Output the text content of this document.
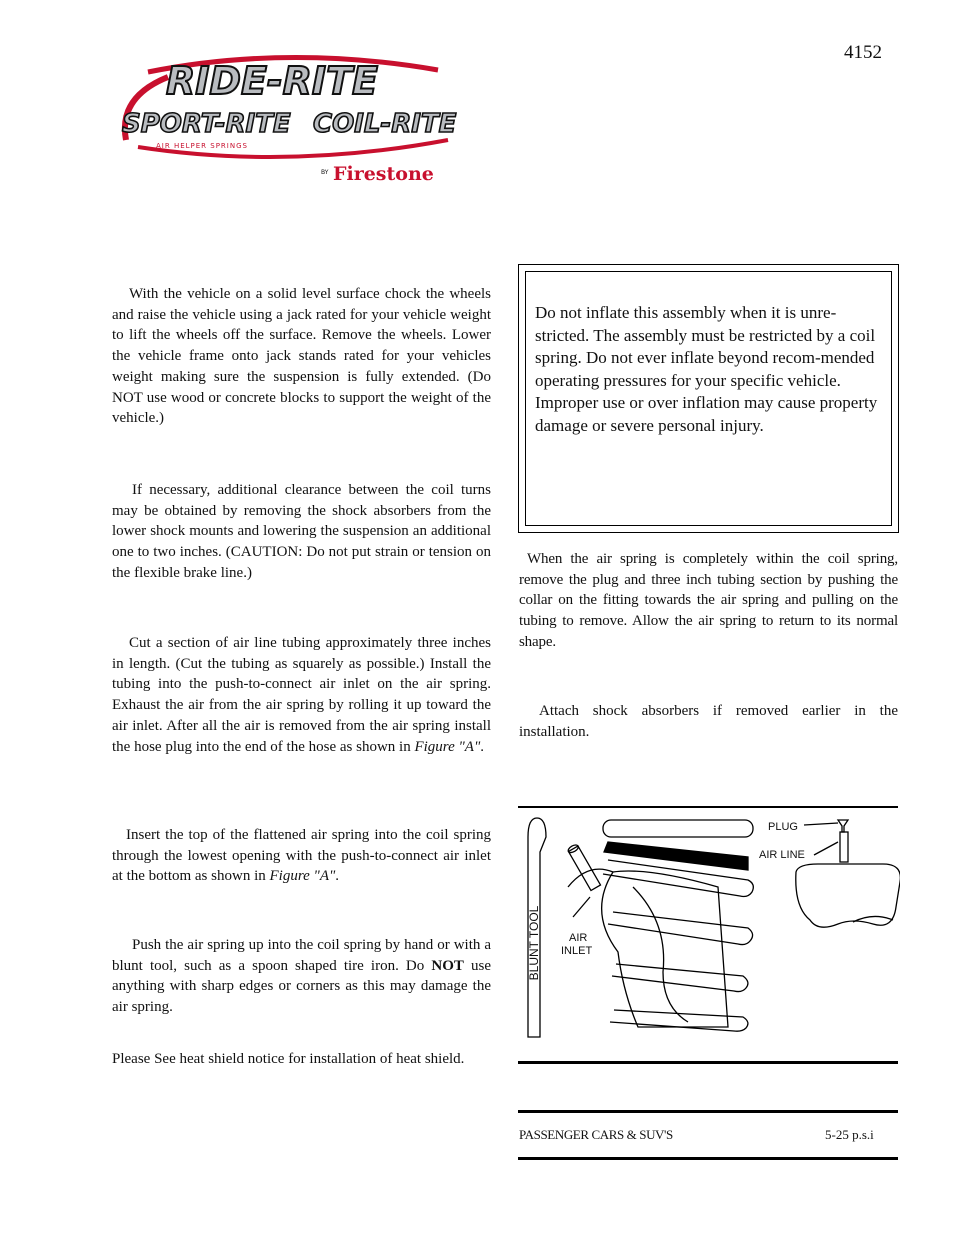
4152
RIDE-RITE
SPORT-RITE COIL-RITE
AIR HELPER SPRINGS
BY Firestone
With the vehicle on a solid level surface chock the wheels and raise the vehicle using a jack rated for your vehicle weight to lift the wheels off the surface. Remove the wheels. Lower the vehicle frame onto jack stands rated for your vehicles weight making sure the suspension is fully extended. (Do NOT use wood or concrete blocks to support the weight of the vehicle.)
If necessary, additional clearance between the coil turns may be obtained by removing the shock absorbers from the lower shock mounts and lowering the suspension an additional one to two inches. (CAUTION: Do not put strain or tension on the flexible brake line.)
Cut a section of air line tubing approximately three inches in length. (Cut the tubing as squarely as possible.) Install the tubing into the push-to-connect air inlet on the air spring. Exhaust the air from the air spring by rolling it up toward the air inlet. After all the air is removed from the air spring install the hose plug into the end of the hose as shown in Figure "A".
Insert the top of the flattened air spring into the coil spring through the lowest opening with the push-to-connect air inlet at the bottom as shown in Figure "A".
Push the air spring up into the coil spring by hand or with a blunt tool, such as a spoon shaped tire iron. Do NOT use anything with sharp edges or corners as this may damage the air spring.
Please See heat shield notice for installation of heat shield.
Do not inflate this assembly when it is unre-stricted. The assembly must be restricted by a coil spring. Do not ever inflate beyond recom-mended operating pressures for your specific vehicle. Improper use or over inflation may cause property damage or severe personal injury.
When the air spring is completely within the coil spring, remove the plug and three inch tubing section by pushing the collar on the fitting towards the air spring and pulling on the tubing to remove. Allow the air spring to return to its normal shape.
Attach shock absorbers if removed earlier in the installation.
PLUG
AIR LINE
AIR
INLET
BLUNT TOOL
PASSENGER CARS & SUV'S	5-25 p.s.i
